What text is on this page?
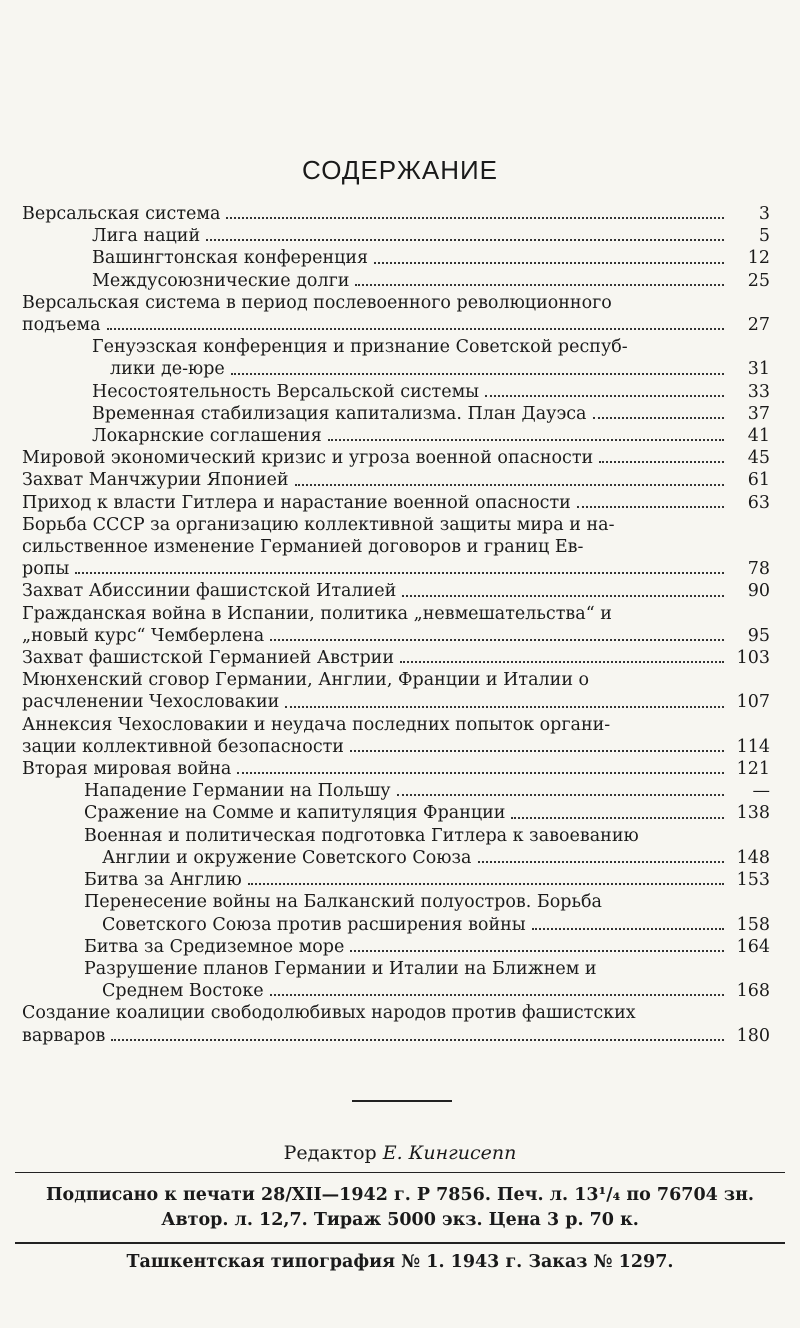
СОДЕРЖАНИЕ
Версальская система	3
Лига наций	5
Вашингтонская конференция	12
Междусоюзнические долги	25
Версальская система в период послевоенного революционного
подъема	27
Генуэзская конференция и признание Советской респуб-
лики де-юре	31
Несостоятельность Версальской системы	33
Временная стабилизация капитализма. План Дауэса	37
Локарнские соглашения	41
Мировой экономический кризис и угроза военной опасности	45
Захват Манчжурии Японией	61
Приход к власти Гитлера и нарастание военной опасности	63
Борьба СССР за организацию коллективной защиты мира и на-
сильственное изменение Германией договоров и границ Ев-
ропы	78
Захват Абиссинии фашистской Италией	90
Гражданская война в Испании, политика „невмешательства“ и
„новый курс“ Чемберлена	95
Захват фашистской Германией Австрии	103
Мюнхенский сговор Германии, Англии, Франции и Италии о
расчленении Чехословакии	107
Аннексия Чехословакии и неудача последних попыток органи-
зации коллективной безопасности	114
Вторая мировая война	121
Нападение Германии на Польшу	—
Сражение на Сомме и капитуляция Франции	138
Военная и политическая подготовка Гитлера к завоеванию
Англии и окружение Советского Союза	148
Битва за Англию	153
Перенесение войны на Балканский полуостров. Борьба
Советского Союза против расширения войны	158
Битва за Средиземное море	164
Разрушение планов Германии и Италии на Ближнем и
Среднем Востоке	168
Создание коалиции свободолюбивых народов против фашистских
варваров	180
Редактор Е. Кингисепп
Подписано к печати 28/XII—1942 г. Р 7856. Печ. л. 13¹/₄ по 76704 зн.
Автор. л. 12,7. Тираж 5000 экз. Цена 3 р. 70 к.
Ташкентская типография № 1. 1943 г. Заказ № 1297.
